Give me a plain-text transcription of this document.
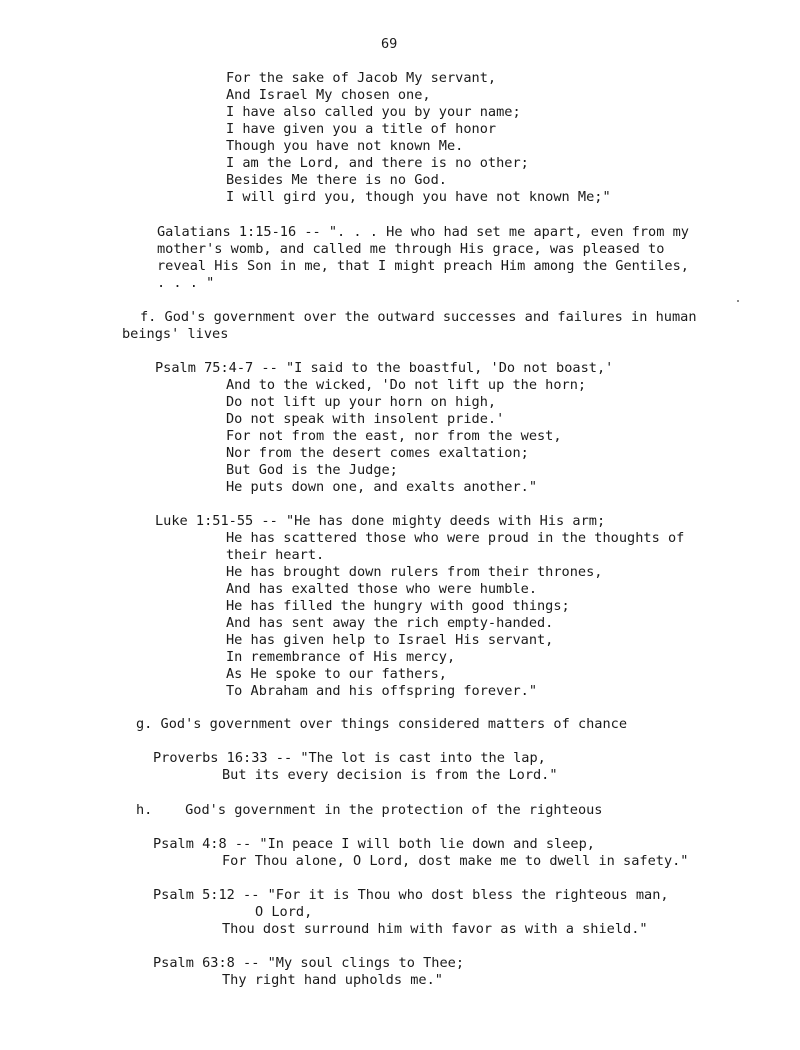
69
For the sake of Jacob My servant,
And Israel My chosen one,
I have also called you by your name;
I have given you a title of honor
Though you have not known Me.
I am the Lord, and there is no other;
Besides Me there is no God.
I will gird you, though you have not known Me;"
Galatians 1:15-16 -- ". . . He who had set me apart, even from my
mother's womb, and called me through His grace, was pleased to
reveal His Son in me, that I might preach Him among the Gentiles,
. . . "
f. God's government over the outward successes and failures in human
beings' lives
Psalm 75:4-7 -- "I said to the boastful, 'Do not boast,'
And to the wicked, 'Do not lift up the horn;
Do not lift up your horn on high,
Do not speak with insolent pride.'
For not from the east, nor from the west,
Nor from the desert comes exaltation;
But God is the Judge;
He puts down one, and exalts another."
Luke 1:51-55 -- "He has done mighty deeds with His arm;
He has scattered those who were proud in the thoughts of
their heart.
He has brought down rulers from their thrones,
And has exalted those who were humble.
He has filled the hungry with good things;
And has sent away the rich empty-handed.
He has given help to Israel His servant,
In remembrance of His mercy,
As He spoke to our fathers,
To Abraham and his offspring forever."
g. God's government over things considered matters of chance
Proverbs 16:33 -- "The lot is cast into the lap,
But its every decision is from the Lord."
h.    God's government in the protection of the righteous
Psalm 4:8 -- "In peace I will both lie down and sleep,
For Thou alone, O Lord, dost make me to dwell in safety."
Psalm 5:12 -- "For it is Thou who dost bless the righteous man,
O Lord,
Thou dost surround him with favor as with a shield."
Psalm 63:8 -- "My soul clings to Thee;
Thy right hand upholds me."
